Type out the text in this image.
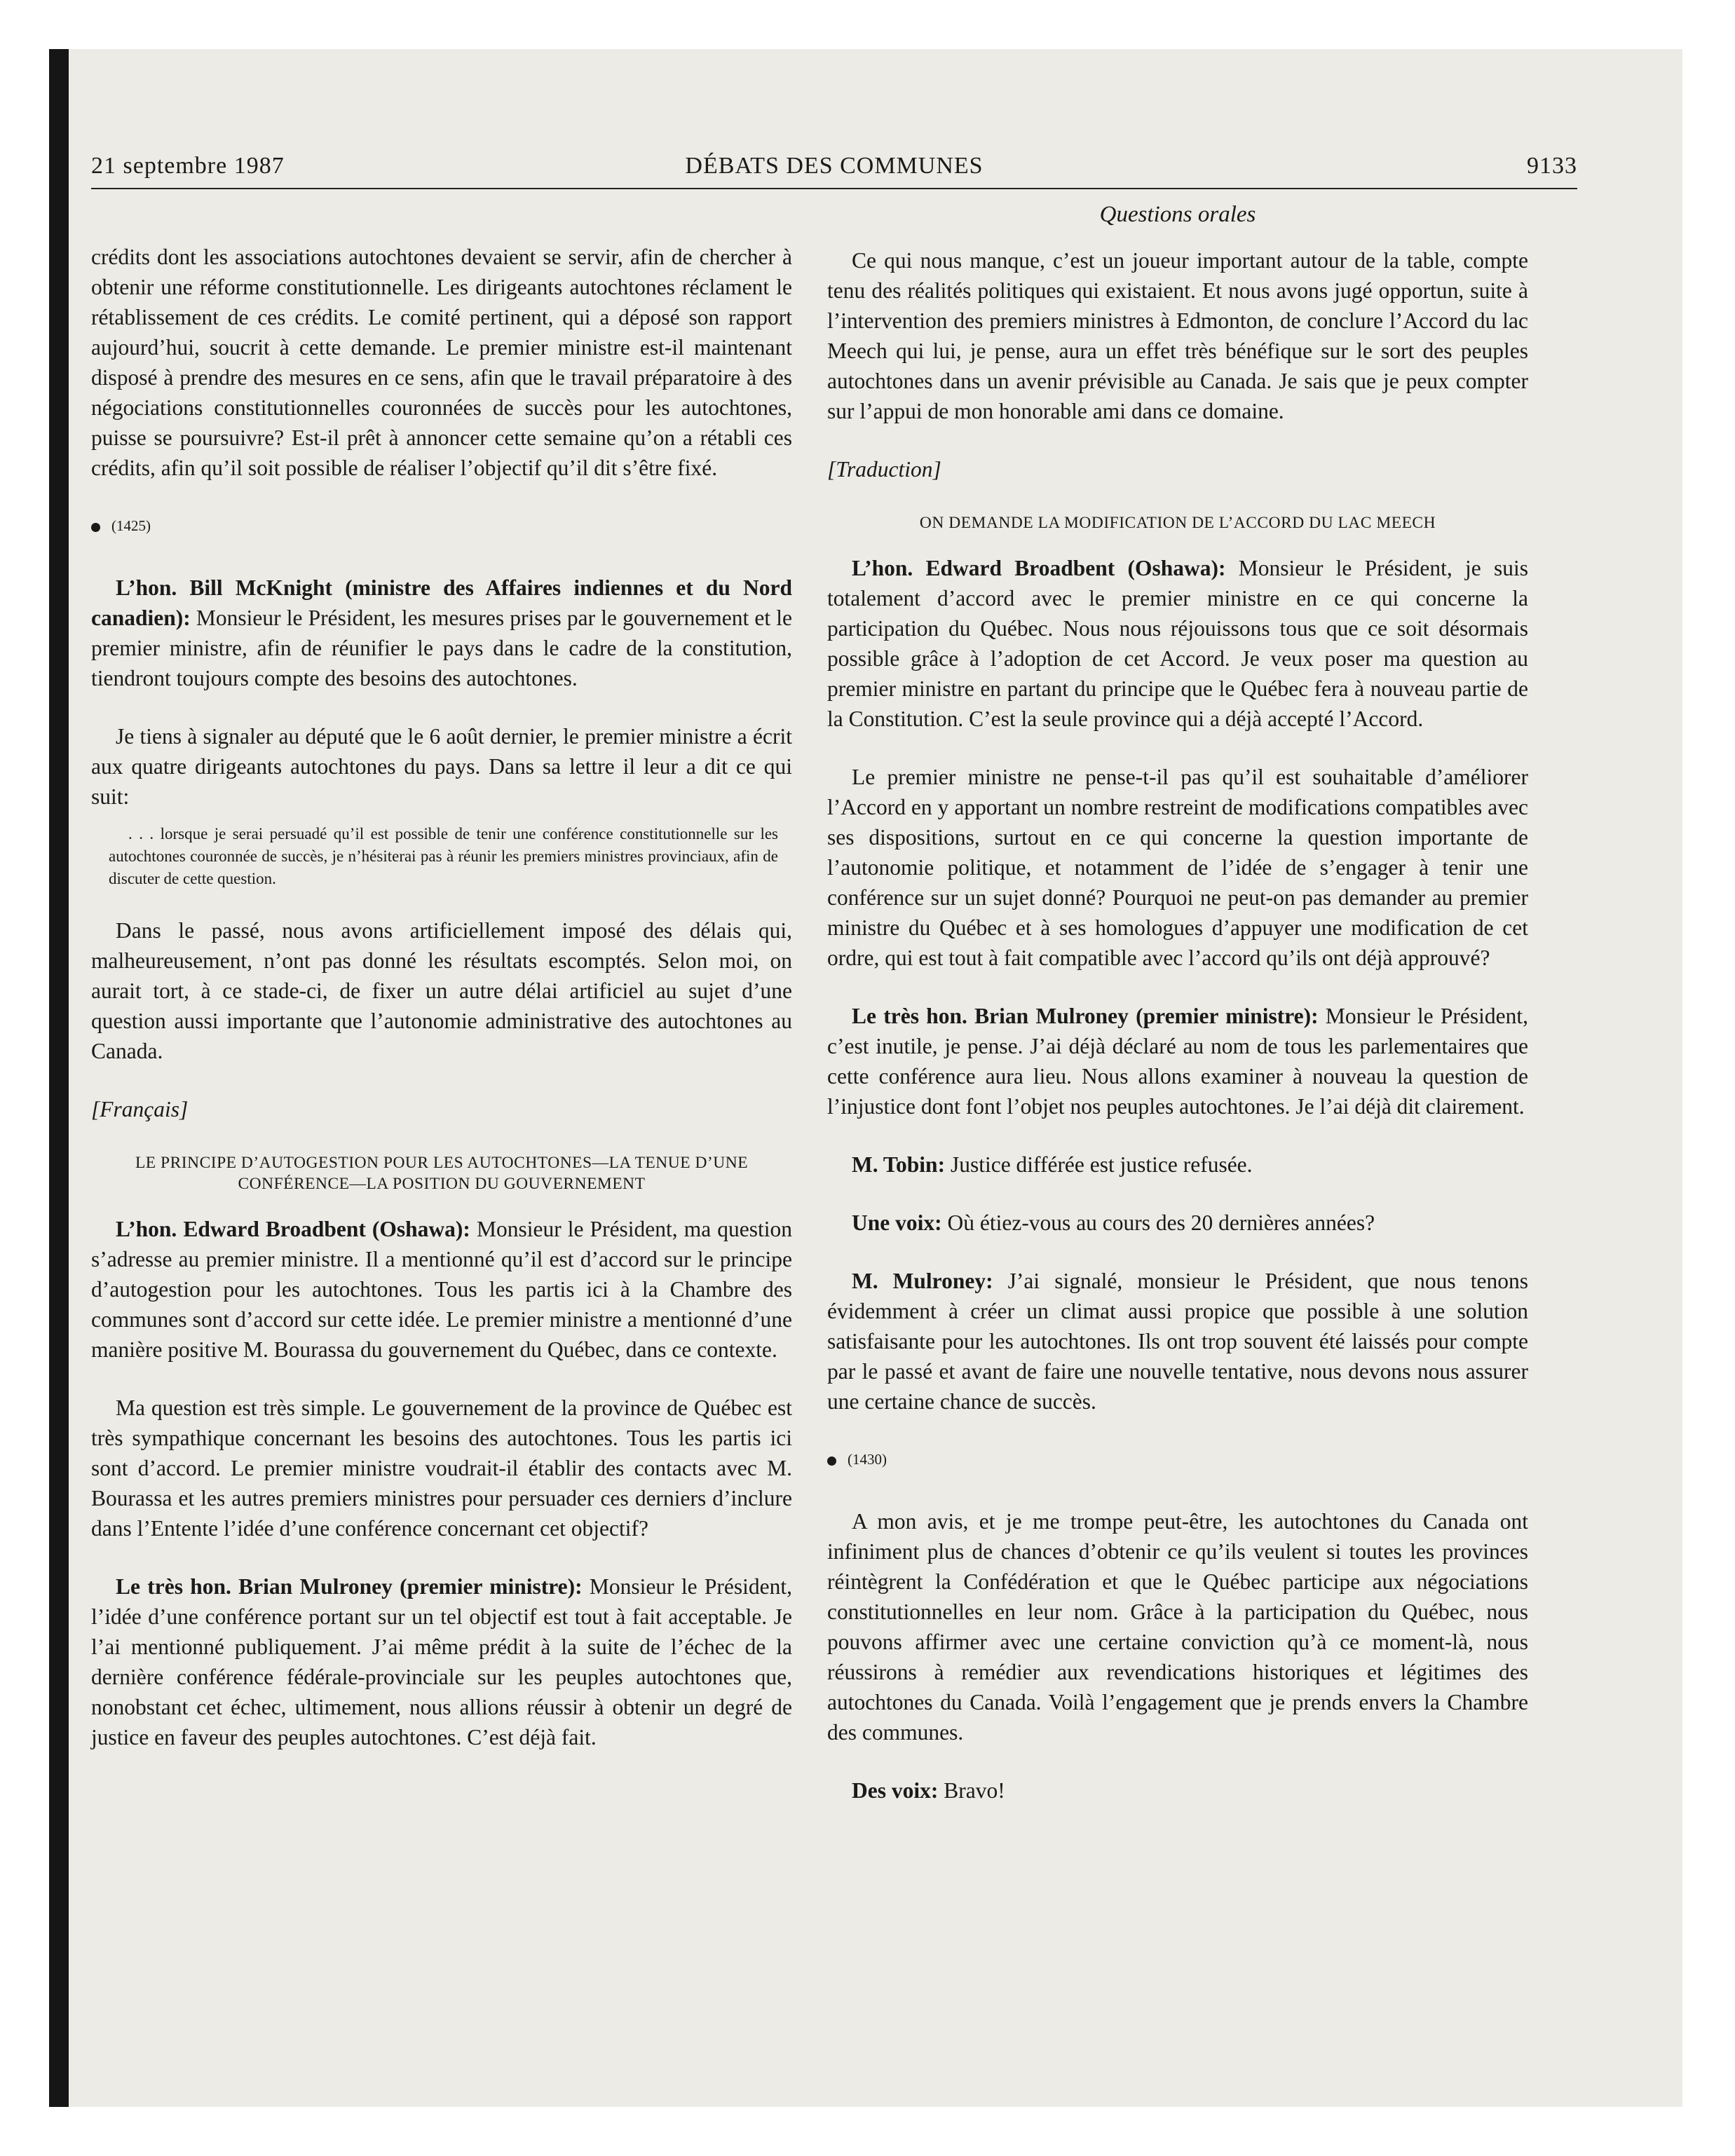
21 septembre 1987	DÉBATS DES COMMUNES	9133
Questions orales

crédits dont les associations autochtones devaient se servir, afin de chercher à obtenir une réforme constitutionnelle. Les dirigeants autochtones réclament le rétablissement de ces crédits. Le comité pertinent, qui a déposé son rapport aujourd’hui, soucrit à cette demande. Le premier ministre est-il maintenant disposé à prendre des mesures en ce sens, afin que le travail préparatoire à des négociations constitutionnelles couronnées de succès pour les autochtones, puisse se poursuivre? Est-il prêt à annoncer cette semaine qu’on a rétabli ces crédits, afin qu’il soit possible de réaliser l’objectif qu’il dit s’être fixé.

(1425)

L’hon. Bill McKnight (ministre des Affaires indiennes et du Nord canadien): Monsieur le Président, les mesures prises par le gouvernement et le premier ministre, afin de réunifier le pays dans le cadre de la constitution, tiendront toujours compte des besoins des autochtones.

Je tiens à signaler au député que le 6 août dernier, le premier ministre a écrit aux quatre dirigeants autochtones du pays. Dans sa lettre il leur a dit ce qui suit:

. . . lorsque je serai persuadé qu’il est possible de tenir une conférence constitutionnelle sur les autochtones couronnée de succès, je n’hésiterai pas à réunir les premiers ministres provinciaux, afin de discuter de cette question.

Dans le passé, nous avons artificiellement imposé des délais qui, malheureusement, n’ont pas donné les résultats escomptés. Selon moi, on aurait tort, à ce stade-ci, de fixer un autre délai artificiel au sujet d’une question aussi importante que l’autonomie administrative des autochtones au Canada.

[Français]

LE PRINCIPE D’AUTOGESTION POUR LES AUTOCHTONES—LA TENUE D’UNE CONFÉRENCE—LA POSITION DU GOUVERNEMENT

L’hon. Edward Broadbent (Oshawa): Monsieur le Président, ma question s’adresse au premier ministre. Il a mentionné qu’il est d’accord sur le principe d’autogestion pour les autochtones. Tous les partis ici à la Chambre des communes sont d’accord sur cette idée. Le premier ministre a mentionné d’une manière positive M. Bourassa du gouvernement du Québec, dans ce contexte.

Ma question est très simple. Le gouvernement de la province de Québec est très sympathique concernant les besoins des autochtones. Tous les partis ici sont d’accord. Le premier ministre voudrait-il établir des contacts avec M. Bourassa et les autres premiers ministres pour persuader ces derniers d’inclure dans l’Entente l’idée d’une conférence concernant cet objectif?

Le très hon. Brian Mulroney (premier ministre): Monsieur le Président, l’idée d’une conférence portant sur un tel objectif est tout à fait acceptable. Je l’ai mentionné publiquement. J’ai même prédit à la suite de l’échec de la dernière conférence fédérale-provinciale sur les peuples autochtones que, nonobstant cet échec, ultimement, nous allions réussir à obtenir un degré de justice en faveur des peuples autochtones. C’est déjà fait.

Ce qui nous manque, c’est un joueur important autour de la table, compte tenu des réalités politiques qui existaient. Et nous avons jugé opportun, suite à l’intervention des premiers ministres à Edmonton, de conclure l’Accord du lac Meech qui lui, je pense, aura un effet très bénéfique sur le sort des peuples autochtones dans un avenir prévisible au Canada. Je sais que je peux compter sur l’appui de mon honorable ami dans ce domaine.

[Traduction]

ON DEMANDE LA MODIFICATION DE L’ACCORD DU LAC MEECH

L’hon. Edward Broadbent (Oshawa): Monsieur le Président, je suis totalement d’accord avec le premier ministre en ce qui concerne la participation du Québec. Nous nous réjouissons tous que ce soit désormais possible grâce à l’adoption de cet Accord. Je veux poser ma question au premier ministre en partant du principe que le Québec fera à nouveau partie de la Constitution. C’est la seule province qui a déjà accepté l’Accord.

Le premier ministre ne pense-t-il pas qu’il est souhaitable d’améliorer l’Accord en y apportant un nombre restreint de modifications compatibles avec ses dispositions, surtout en ce qui concerne la question importante de l’autonomie politique, et notamment de l’idée de s’engager à tenir une conférence sur un sujet donné? Pourquoi ne peut-on pas demander au premier ministre du Québec et à ses homologues d’appuyer une modification de cet ordre, qui est tout à fait compatible avec l’accord qu’ils ont déjà approuvé?

Le très hon. Brian Mulroney (premier ministre): Monsieur le Président, c’est inutile, je pense. J’ai déjà déclaré au nom de tous les parlementaires que cette conférence aura lieu. Nous allons examiner à nouveau la question de l’injustice dont font l’objet nos peuples autochtones. Je l’ai déjà dit clairement.

M. Tobin: Justice différée est justice refusée.

Une voix: Où étiez-vous au cours des 20 dernières années?

M. Mulroney: J’ai signalé, monsieur le Président, que nous tenons évidemment à créer un climat aussi propice que possible à une solution satisfaisante pour les autochtones. Ils ont trop souvent été laissés pour compte par le passé et avant de faire une nouvelle tentative, nous devons nous assurer une certaine chance de succès.

(1430)

A mon avis, et je me trompe peut-être, les autochtones du Canada ont infiniment plus de chances d’obtenir ce qu’ils veulent si toutes les provinces réintègrent la Confédération et que le Québec participe aux négociations constitutionnelles en leur nom. Grâce à la participation du Québec, nous pouvons affirmer avec une certaine conviction qu’à ce moment-là, nous réussirons à remédier aux revendications historiques et légitimes des autochtones du Canada. Voilà l’engagement que je prends envers la Chambre des communes.

Des voix: Bravo!
